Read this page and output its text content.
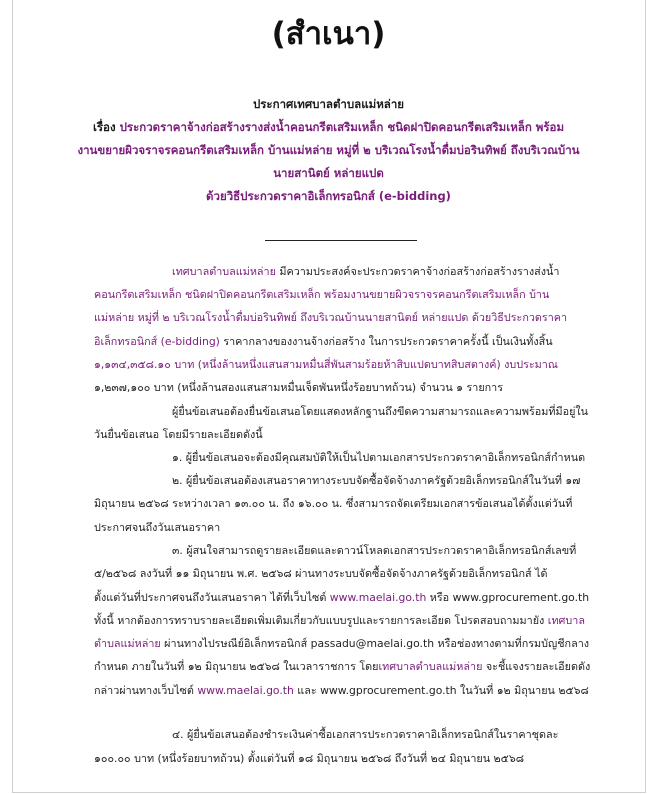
(สำเนา)
ประกาศเทศบาลตำบลแม่หล่าย
เรื่อง ประกวดราคาจ้างก่อสร้างรางส่งน้ำคอนกรีตเสริมเหล็ก ชนิดฝาปิดคอนกรีตเสริมเหล็ก พร้อม
งานขยายผิวจราจรคอนกรีตเสริมเหล็ก บ้านแม่หล่าย หมู่ที่ ๒ บริเวณโรงน้ำดื่มบ่อรินทิพย์ ถึงบริเวณบ้าน
นายสานิตย์ หล่ายแปด
ด้วยวิธีประกวดราคาอิเล็กทรอนิกส์ (e-bidding)
เทศบาลตำบลแม่หล่าย มีความประสงค์จะประกวดราคาจ้างก่อสร้างก่อสร้างรางส่งน้ำ
คอนกรีตเสริมเหล็ก ชนิดฝาปิดคอนกรีตเสริมเหล็ก พร้อมงานขยายผิวจราจรคอนกรีตเสริมเหล็ก บ้าน
แม่หล่าย หมู่ที่ ๒ บริเวณโรงน้ำดื่มบ่อรินทิพย์ ถึงบริเวณบ้านนายสานิตย์ หล่ายแปด ด้วยวิธีประกวดราคา
อิเล็กทรอนิกส์ (e-bidding) ราคากลางของงานจ้างก่อสร้าง ในการประกวดราคาครั้งนี้ เป็นเงินทั้งสิ้น
๑,๑๓๔,๓๕๘.๑๐ บาท (หนึ่งล้านหนึ่งแสนสามหมื่นสี่พันสามร้อยห้าสิบแปดบาทสิบสตางค์) งบประมาณ
๑,๒๓๗,๑๐๐ บาท (หนึ่งล้านสองแสนสามหมื่นเจ็ดพันหนึ่งร้อยบาทถ้วน) จำนวน ๑ รายการ
ผู้ยื่นข้อเสนอต้องยื่นข้อเสนอโดยแสดงหลักฐานถึงขีดความสามารถและความพร้อมที่มีอยู่ใน
วันยื่นข้อเสนอ โดยมีรายละเอียดดังนี้
๑. ผู้ยื่นข้อเสนอจะต้องมีคุณสมบัติให้เป็นไปตามเอกสารประกวดราคาอิเล็กทรอนิกส์กำหนด
๒. ผู้ยื่นข้อเสนอต้องเสนอราคาทางระบบจัดซื้อจัดจ้างภาครัฐด้วยอิเล็กทรอนิกส์ในวันที่ ๑๗
มิถุนายน ๒๕๖๘ ระหว่างเวลา ๑๓.๐๐ น. ถึง ๑๖.๐๐ น. ซึ่งสามารถจัดเตรียมเอกสารข้อเสนอได้ตั้งแต่วันที่
ประกาศจนถึงวันเสนอราคา
๓. ผู้สนใจสามารถดูรายละเอียดและดาวน์โหลดเอกสารประกวดราคาอิเล็กทรอนิกส์เลขที่
๕/๒๕๖๘ ลงวันที่ ๑๑ มิถุนายน พ.ศ. ๒๕๖๘ ผ่านทางระบบจัดซื้อจัดจ้างภาครัฐด้วยอิเล็กทรอนิกส์ ได้
ตั้งแต่วันที่ประกาศจนถึงวันเสนอราคา ได้ที่เว็บไซต์ www.maelai.go.th หรือ www.gprocurement.go.th
ทั้งนี้ หากต้องการทราบรายละเอียดเพิ่มเติมเกี่ยวกับแบบรูปและรายการละเอียด โปรดสอบถามมายัง เทศบาล
ตำบลแม่หล่าย ผ่านทางไปรษณีย์อิเล็กทรอนิกส์ passadu@maelai.go.th หรือช่องทางตามที่กรมบัญชีกลาง
กำหนด ภายในวันที่ ๑๒ มิถุนายน ๒๕๖๘ ในเวลาราชการ โดยเทศบาลตำบลแม่หล่าย จะชี้แจงรายละเอียดดัง
กล่าวผ่านทางเว็บไซต์ www.maelai.go.th และ www.gprocurement.go.th ในวันที่ ๑๒ มิถุนายน ๒๕๖๘
๔. ผู้ยื่นข้อเสนอต้องชำระเงินค่าซื้อเอกสารประกวดราคาอิเล็กทรอนิกส์ในราคาชุดละ
๑๐๐.๐๐ บาท (หนึ่งร้อยบาทถ้วน) ตั้งแต่วันที่ ๑๘ มิถุนายน ๒๕๖๘ ถึงวันที่ ๒๔ มิถุนายน ๒๕๖๘
